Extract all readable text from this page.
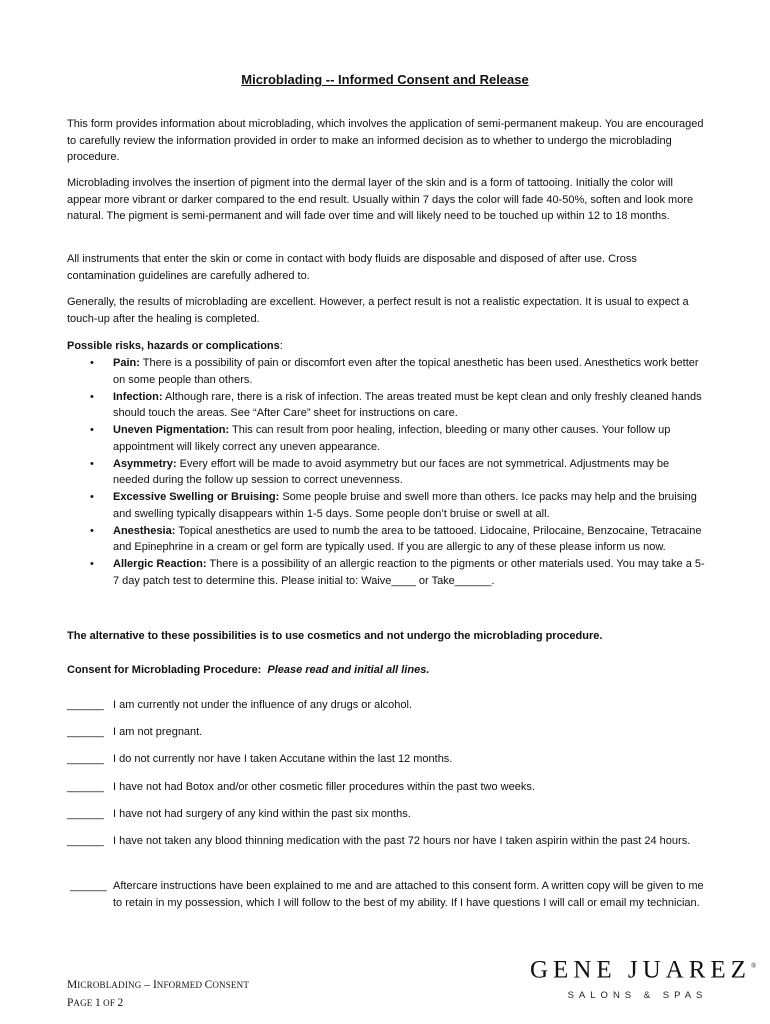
Microblading -- Informed Consent and Release

This form provides information about microblading, which involves the application of semi-permanent makeup. You are encouraged to carefully review the information provided in order to make an informed decision as to whether to undergo the microblading procedure.

Microblading involves the insertion of pigment into the dermal layer of the skin and is a form of tattooing. Initially the color will appear more vibrant or darker compared to the end result. Usually within 7 days the color will fade 40-50%, soften and look more natural. The pigment is semi-permanent and will fade over time and will likely need to be touched up within 12 to 18 months.

All instruments that enter the skin or come in contact with body fluids are disposable and disposed of after use. Cross contamination guidelines are carefully adhered to.

Generally, the results of microblading are excellent. However, a perfect result is not a realistic expectation. It is usual to expect a touch-up after the healing is completed.

Possible risks, hazards or complications:
• Pain: There is a possibility of pain or discomfort even after the topical anesthetic has been used. Anesthetics work better on some people than others.
• Infection: Although rare, there is a risk of infection. The areas treated must be kept clean and only freshly cleaned hands should touch the areas. See “After Care” sheet for instructions on care.
• Uneven Pigmentation: This can result from poor healing, infection, bleeding or many other causes. Your follow up appointment will likely correct any uneven appearance.
• Asymmetry: Every effort will be made to avoid asymmetry but our faces are not symmetrical. Adjustments may be needed during the follow up session to correct unevenness.
• Excessive Swelling or Bruising: Some people bruise and swell more than others. Ice packs may help and the bruising and swelling typically disappears within 1-5 days. Some people don’t bruise or swell at all.
• Anesthesia: Topical anesthetics are used to numb the area to be tattooed. Lidocaine, Prilocaine, Benzocaine, Tetracaine and Epinephrine in a cream or gel form are typically used. If you are allergic to any of these please inform us now.
• Allergic Reaction: There is a possibility of an allergic reaction to the pigments or other materials used. You may take a 5-7 day patch test to determine this. Please initial to: Waive____ or Take______.
The alternative to these possibilities is to use cosmetics and not undergo the microblading procedure.
Consent for Microblading Procedure: Please read and initial all lines.
______ I am currently not under the influence of any drugs or alcohol.
______ I am not pregnant.
______ I do not currently nor have I taken Accutane within the last 12 months.
______ I have not had Botox and/or other cosmetic filler procedures within the past two weeks.
______ I have not had surgery of any kind within the past six months.
______ I have not taken any blood thinning medication with the past 72 hours nor have I taken aspirin within the past 24 hours.
______ Aftercare instructions have been explained to me and are attached to this consent form. A written copy will be given to me to retain in my possession, which I will follow to the best of my ability. If I have questions I will call or email my technician.
MICROBLADING – INFORMED CONSENT
PAGE 1 OF 2
GENE JUAREZ®
SALONS & SPAS
